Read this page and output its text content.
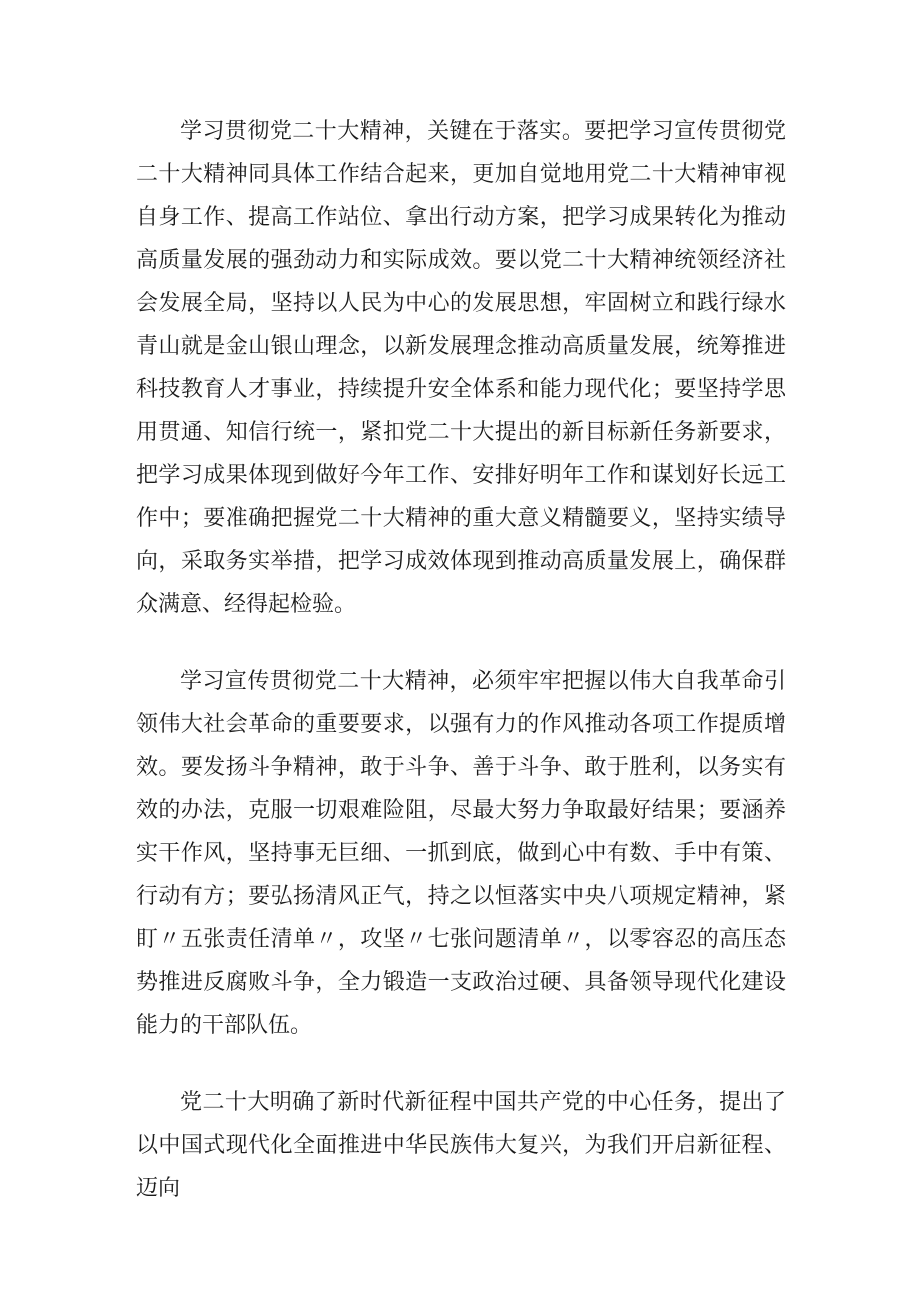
学习贯彻党二十大精神，关键在于落实。要把学习宣传贯彻党二十大精神同具体工作结合起来，更加自觉地用党二十大精神审视自身工作、提高工作站位、拿出行动方案，把学习成果转化为推动高质量发展的强劲动力和实际成效。要以党二十大精神统领经济社会发展全局，坚持以人民为中心的发展思想，牢固树立和践行绿水青山就是金山银山理念，以新发展理念推动高质量发展，统筹推进科技教育人才事业，持续提升安全体系和能力现代化；要坚持学思用贯通、知信行统一，紧扣党二十大提出的新目标新任务新要求，把学习成果体现到做好今年工作、安排好明年工作和谋划好长远工作中；要准确把握党二十大精神的重大意义精髓要义，坚持实绩导向，采取务实举措，把学习成效体现到推动高质量发展上，确保群众满意、经得起检验。

学习宣传贯彻党二十大精神，必须牢牢把握以伟大自我革命引领伟大社会革命的重要要求，以强有力的作风推动各项工作提质增效。要发扬斗争精神，敢于斗争、善于斗争、敢于胜利，以务实有效的办法，克服一切艰难险阻，尽最大努力争取最好结果；要涵养实干作风，坚持事无巨细、一抓到底，做到心中有数、手中有策、行动有方；要弘扬清风正气，持之以恒落实中央八项规定精神，紧盯〃五张责任清单〃，攻坚〃七张问题清单〃，以零容忍的高压态势推进反腐败斗争，全力锻造一支政治过硬、具备领导现代化建设能力的干部队伍。

党二十大明确了新时代新征程中国共产党的中心任务，提出了以中国式现代化全面推进中华民族伟大复兴，为我们开启新征程、迈向
